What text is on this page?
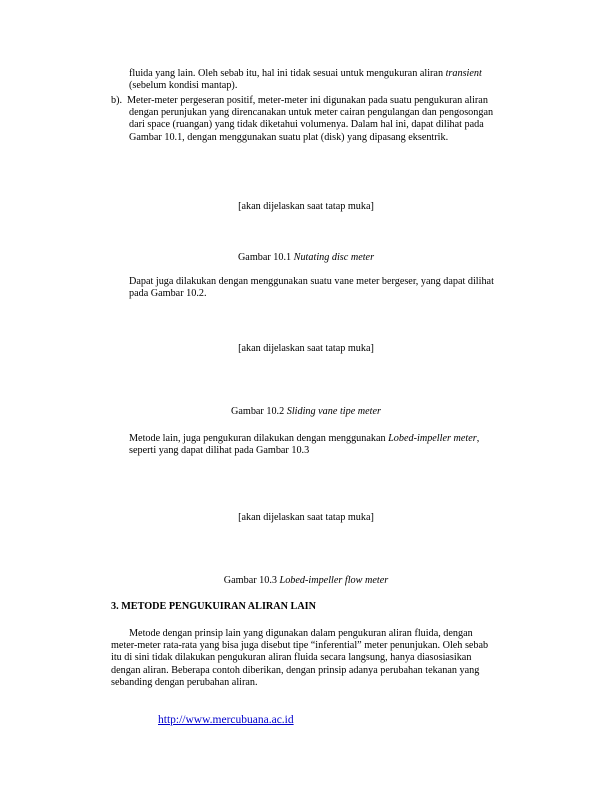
fluida yang lain. Oleh sebab itu, hal ini tidak sesuai untuk mengukuran aliran transient (sebelum kondisi mantap).

b). Meter-meter pergeseran positif, meter-meter ini digunakan pada suatu pengukuran aliran dengan perunjukan yang direncanakan untuk meter cairan pengulangan dan pengosongan dari space (ruangan) yang tidak diketahui volumenya. Dalam hal ini, dapat dilihat pada Gambar 10.1, dengan menggunakan suatu plat (disk) yang dipasang eksentrik.
[akan dijelaskan saat tatap muka]
Gambar 10.1 Nutating disc meter

Dapat juga dilakukan dengan menggunakan suatu vane meter bergeser, yang dapat dilihat pada Gambar 10.2.

[akan dijelaskan saat tatap muka]
Gambar 10.2 Sliding vane tipe meter

Metode lain, juga pengukuran dilakukan dengan menggunakan Lobed-impeller meter, seperti yang dapat dilihat pada Gambar 10.3

[akan dijelaskan saat tatap muka]
Gambar 10.3 Lobed-impeller flow meter
3. METODE PENGUKUIRAN ALIRAN LAIN

Metode dengan prinsip lain yang digunakan dalam pengukuran aliran fluida, dengan meter-meter rata-rata yang bisa juga disebut tipe “inferential” meter penunjukan. Oleh sebab itu di sini tidak dilakukan pengukuran aliran fluida secara langsung, hanya diasosiasikan dengan aliran. Beberapa contoh diberikan, dengan prinsip adanya perubahan tekanan yang sebanding dengan perubahan aliran.

http://www.mercubuana.ac.id
